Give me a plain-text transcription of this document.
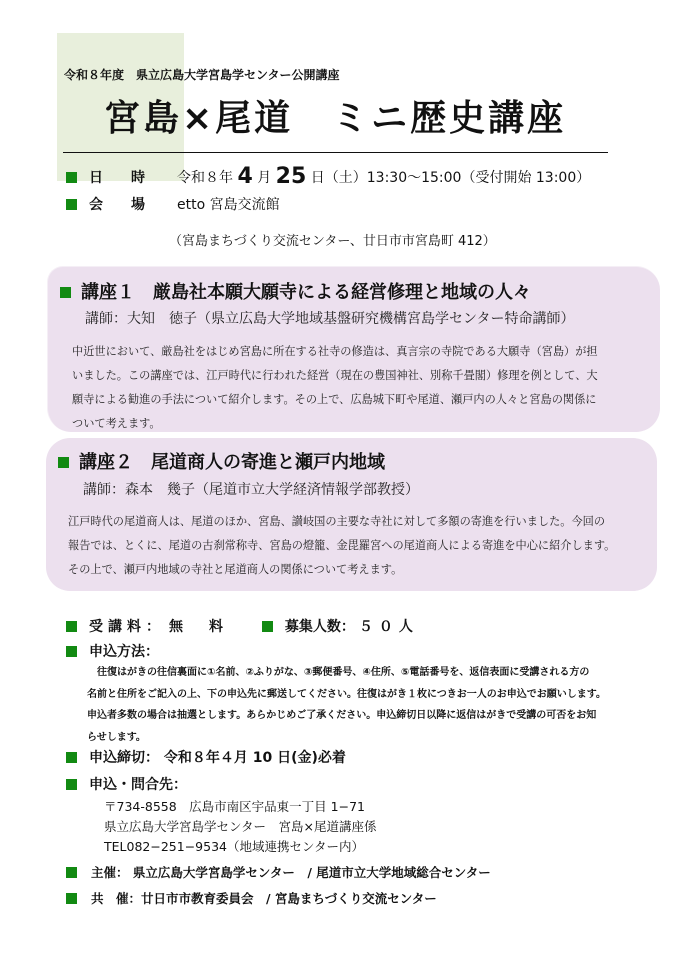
令和８年度　県立広島大学宮島学センター公開講座
宮島×尾道　ミニ歴史講座
日　　時 令和８年 4 月 25 日（土）13:30～15:00（受付開始 13:00）
会　　場 etto 宮島交流館
（宮島まちづくり交流センター、廿日市市宮島町 412）
講座１ 厳島社本願大願寺による経営修理と地域の人々
講師：大知　徳子（県立広島大学地域基盤研究機構宮島学センター特命講師）
中近世において、厳島社をはじめ宮島に所在する社寺の修造は、真言宗の寺院である大願寺（宮島）が担
いました。この講座では、江戸時代に行われた経営（現在の豊国神社、別称千畳閣）修理を例として、大
願寺による勧進の手法について紹介します。その上で、広島城下町や尾道、瀬戸内の人々と宮島の関係に
ついて考えます。
講座２ 尾道商人の寄進と瀬戸内地域
講師：森本　幾子（尾道市立大学経済情報学部教授）
江戸時代の尾道商人は、尾道のほか、宮島、讃岐国の主要な寺社に対して多額の寄進を行いました。今回の
報告では、とくに、尾道の古刹常称寺、宮島の燈籠、金毘羅宮への尾道商人による寄進を中心に紹介します。
その上で、瀬戸内地域の寺社と尾道商人の関係について考えます。
受講料： 無　料	募集人数： ５０人
申込方法：
往復はがきの往信裏面に①名前、②ふりがな、③郵便番号、④住所、⑤電話番号を、返信表面に受講される方の
名前と住所をご記入の上、下の申込先に郵送してください。往復はがき１枚につきお一人のお申込でお願いします。
申込者多数の場合は抽選とします。あらかじめご了承ください。申込締切日以降に返信はがきで受講の可否をお知
らせします。
申込締切： 令和８年４月 10 日(金)必着
申込・問合先：
〒734-8558　広島市南区宇品東一丁目 1−71
県立広島大学宮島学センター　宮島×尾道講座係
TEL082−251−9534（地域連携センター内）
主催： 県立広島大学宮島学センター　/ 尾道市立大学地域総合センター
共　催：廿日市市教育委員会　/ 宮島まちづくり交流センター
